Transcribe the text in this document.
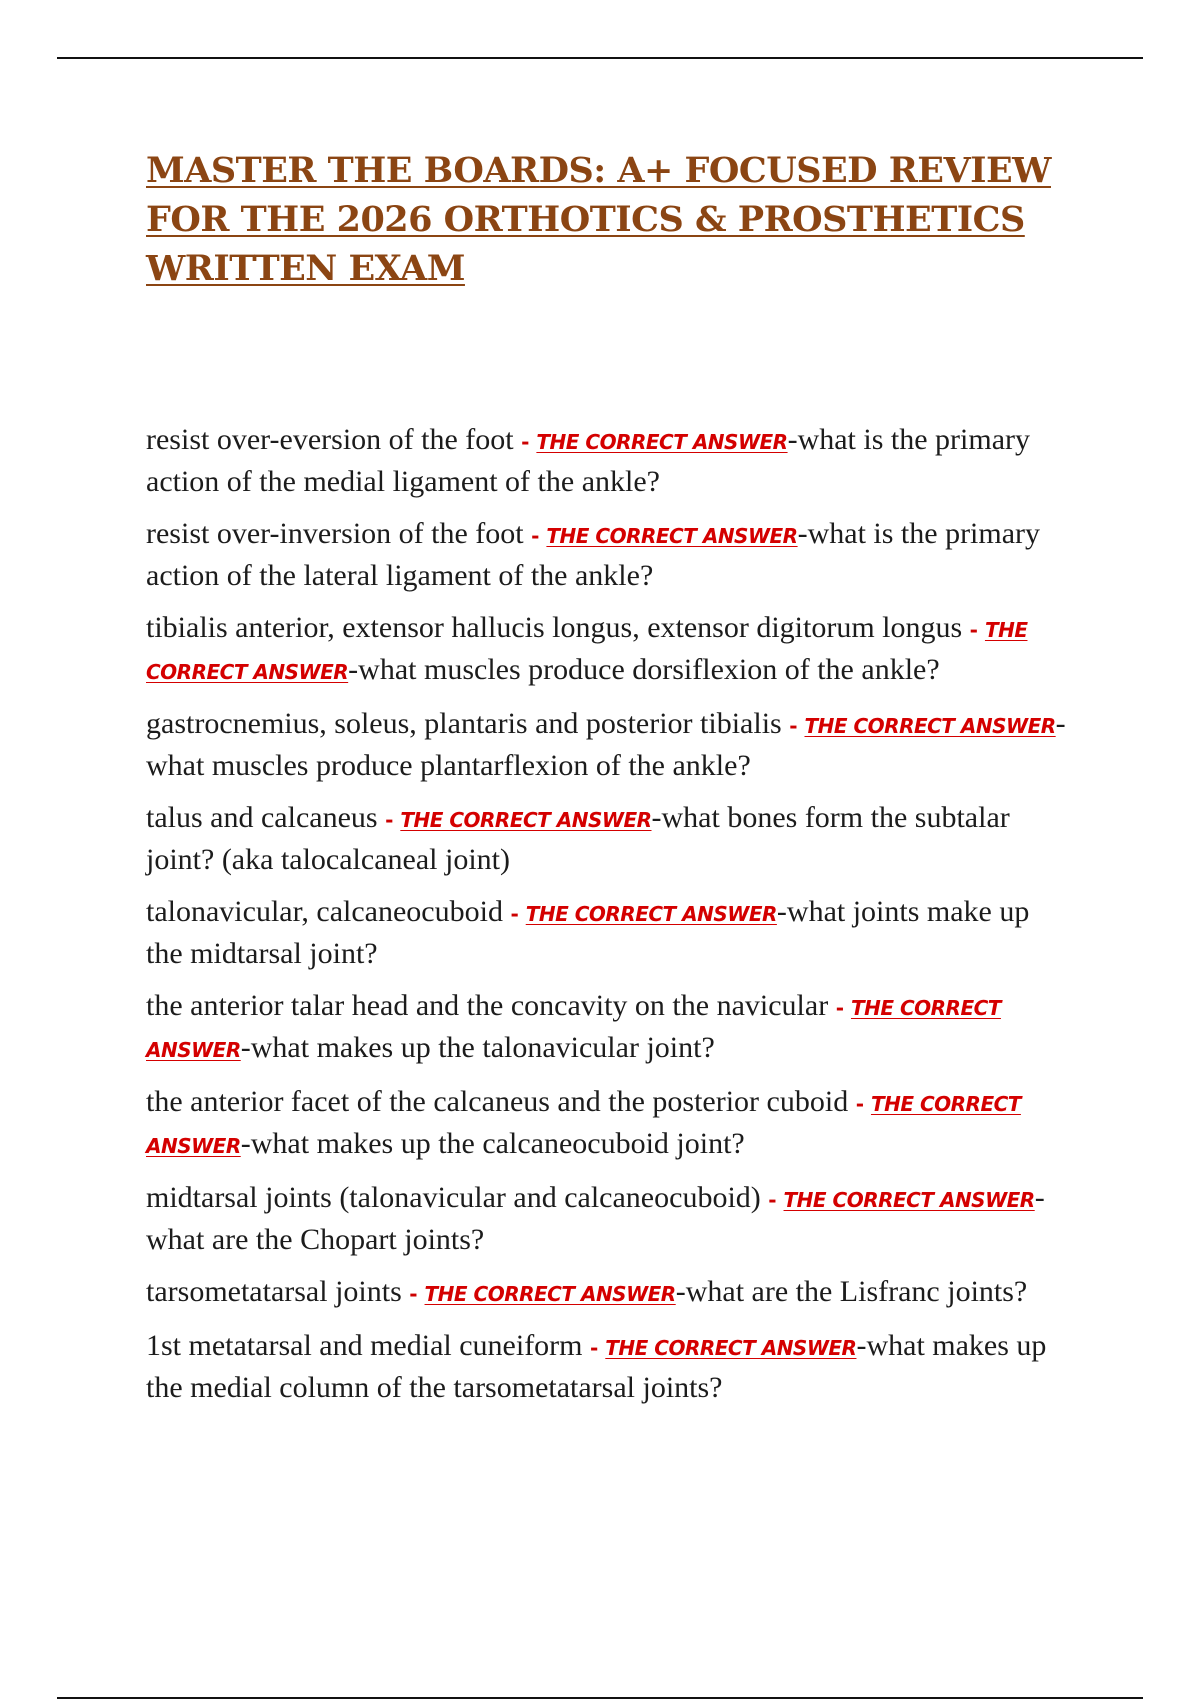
MASTER THE BOARDS: A+ FOCUSED REVIEW FOR THE 2026 ORTHOTICS & PROSTHETICS WRITTEN EXAM
resist over-eversion of the foot - THE CORRECT ANSWER-what is the primary action of the medial ligament of the ankle?
resist over-inversion of the foot - THE CORRECT ANSWER-what is the primary action of the lateral ligament of the ankle?
tibialis anterior, extensor hallucis longus, extensor digitorum longus - THE CORRECT ANSWER-what muscles produce dorsiflexion of the ankle?
gastrocnemius, soleus, plantaris and posterior tibialis - THE CORRECT ANSWER-what muscles produce plantarflexion of the ankle?
talus and calcaneus - THE CORRECT ANSWER-what bones form the subtalar joint? (aka talocalcaneal joint)
talonavicular, calcaneocuboid - THE CORRECT ANSWER-what joints make up the midtarsal joint?
the anterior talar head and the concavity on the navicular - THE CORRECT ANSWER-what makes up the talonavicular joint?
the anterior facet of the calcaneus and the posterior cuboid - THE CORRECT ANSWER-what makes up the calcaneocuboid joint?
midtarsal joints (talonavicular and calcaneocuboid) - THE CORRECT ANSWER-what are the Chopart joints?
tarsometatarsal joints - THE CORRECT ANSWER-what are the Lisfranc joints?
1st metatarsal and medial cuneiform - THE CORRECT ANSWER-what makes up the medial column of the tarsometatarsal joints?
